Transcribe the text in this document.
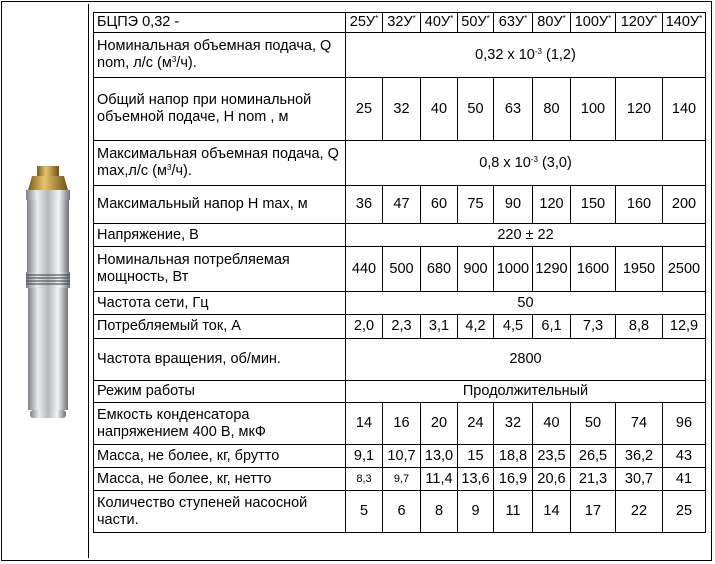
БЦПЭ 0,32 -	25У*	32У*	40У*	50У*	63У*	80У*	100У*	120У*	140У*
Номинальная объемная подача, Q nom, л/с $(м^3/ч)$.	0,32 x $10^{-3}$ (1,2)								
Общий напор при номинальной объемной подаче, H nom , м	25	32	40	50	63	80	100	120	140
Максимальная объемная подача, Q max,л/с $(м^3/ч)$.	0,8 x $10^{-3}$ (3,0)								
Максимальный напор H max, м	36	47	60	75	90	120	150	160	200
Напряжение, В	220 ± 22								
Номинальная потребляемая мощность, Вт	440	500	680	900	1000	1290	1600	1950	2500
Частота сети, Гц	50								
Потребляемый ток, А	2,0	2,3	3,1	4,2	4,5	6,1	7,3	8,8	12,9
Частота вращения, об/мин.	2800								
Режим работы	Продолжительный								
Емкость конденсатора напряжением 400 В, мкФ	14	16	20	24	32	40	50	74	96
Масса, не более, кг, брутто	9,1	10,7	13,0	15	18,8	23,5	26,5	36,2	43
Масса, не более, кг, нетто	8,3	9,7	11,4	13,6	16,9	20,6	21,3	30,7	41
Количество ступеней насосной части.	5	6	8	9	11	14	17	22	25
